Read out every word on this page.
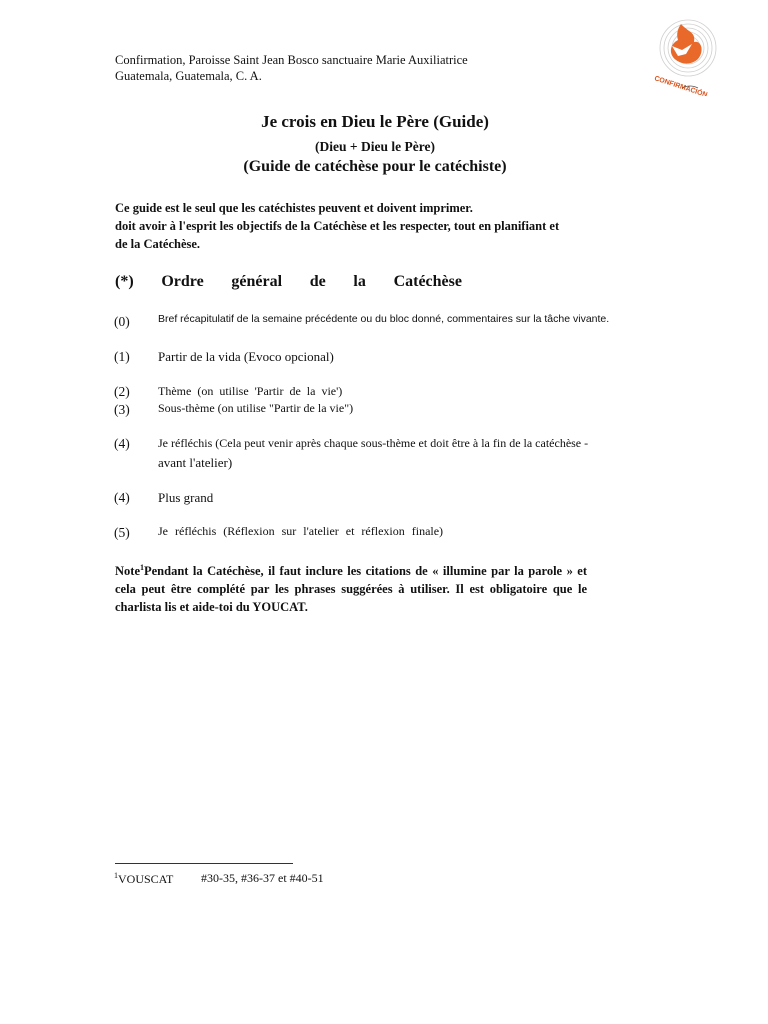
Confirmation, Paroisse Saint Jean Bosco sanctuaire Marie Auxiliatrice
Guatemala, Guatemala, C. A.	CONFIRMACIÓN
Je crois en Dieu le Père (Guide)
(Dieu + Dieu le Père)
(Guide de catéchèse pour le catéchiste)
Ce guide est le seul que les catéchistes peuvent et doivent imprimer.
doit avoir à l'esprit les objectifs de la Catéchèse et les respecter, tout en planifiant et
de la Catéchèse.
(*) Ordre général de la Catéchèse
(0)	Bref récapitulatif de la semaine précédente ou du bloc donné, commentaires sur la tâche vivante.
(1) Partir de la vida (Evoco opcional)
(2) Thème (on utilise 'Partir de la vie')
(3) Sous-thème (on utilise "Partir de la vie")
(4) Je réfléchis (Cela peut venir après chaque sous-thème et doit être à la fin de la catéchèse -
avant l'atelier)
(4) Plus grand
(5) Je réfléchis (Réflexion sur l'atelier et réflexion finale)
Note$^1$Pendant la Catéchèse, il faut inclure les citations de « illumine par la parole » et cela peut être complété par les phrases suggérées à utiliser. Il est obligatoire que le charlista lis et aide-toi du YOUCAT.
$^1$VOUSCAT #30-35, #36-37 et #40-51
